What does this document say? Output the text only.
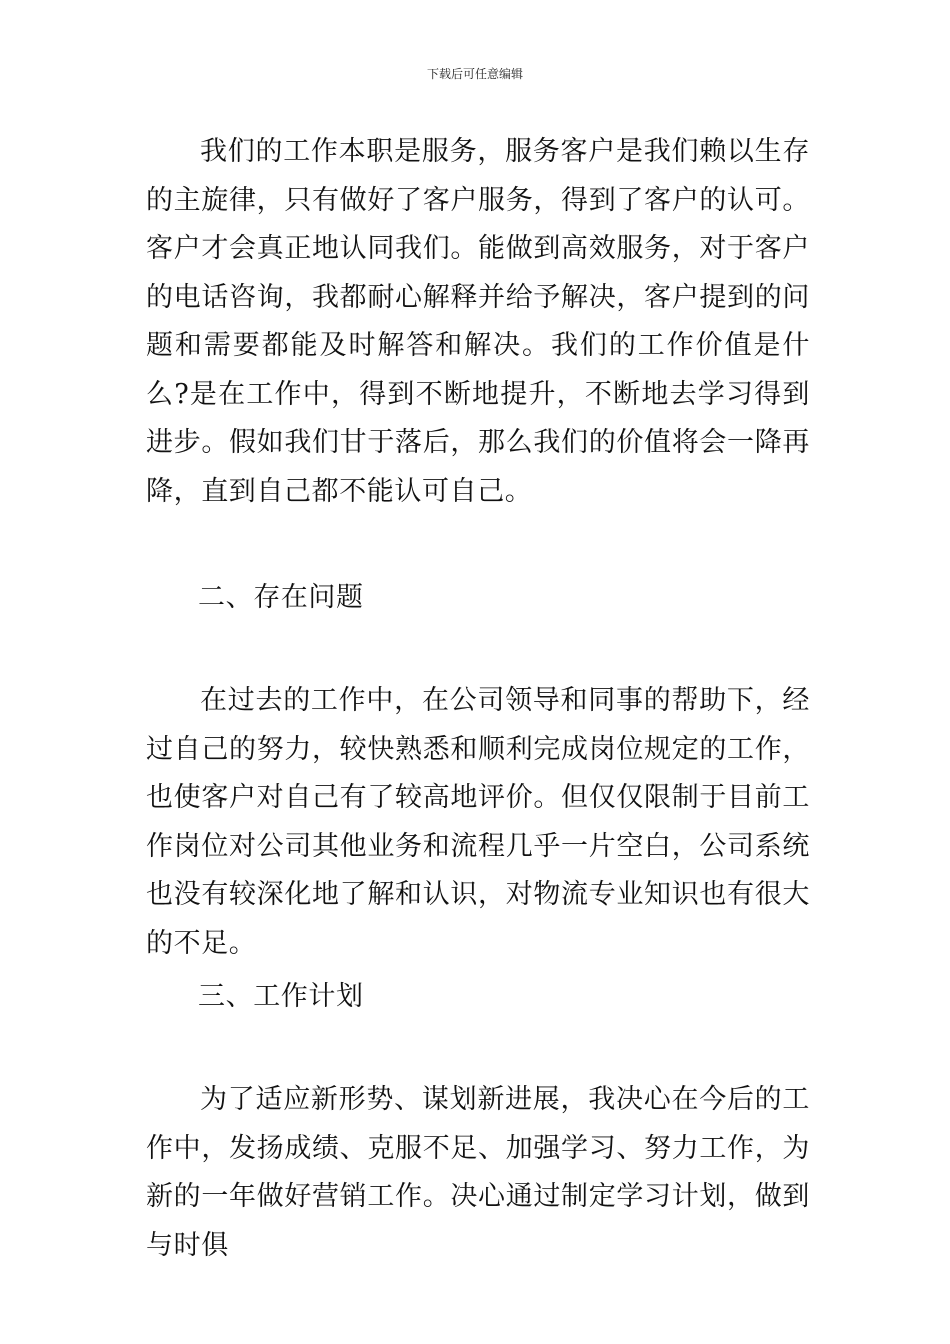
下载后可任意编辑

我们的工作本职是服务，服务客户是我们赖以生存的主旋律，只有做好了客户服务，得到了客户的认可。客户才会真正地认同我们。能做到高效服务，对于客户的电话咨询，我都耐心解释并给予解决，客户提到的问题和需要都能及时解答和解决。我们的工作价值是什么?是在工作中，得到不断地提升，不断地去学习得到进步。假如我们甘于落后，那么我们的价值将会一降再降，直到自己都不能认可自己。

二、存在问题

在过去的工作中，在公司领导和同事的帮助下，经过自己的努力，较快熟悉和顺利完成岗位规定的工作，也使客户对自己有了较高地评价。但仅仅限制于目前工作岗位对公司其他业务和流程几乎一片空白，公司系统也没有较深化地了解和认识，对物流专业知识也有很大的不足。

三、工作计划

为了适应新形势、谋划新进展，我决心在今后的工作中，发扬成绩、克服不足、加强学习、努力工作，为新的一年做好营销工作。决心通过制定学习计划，做到与时俱
